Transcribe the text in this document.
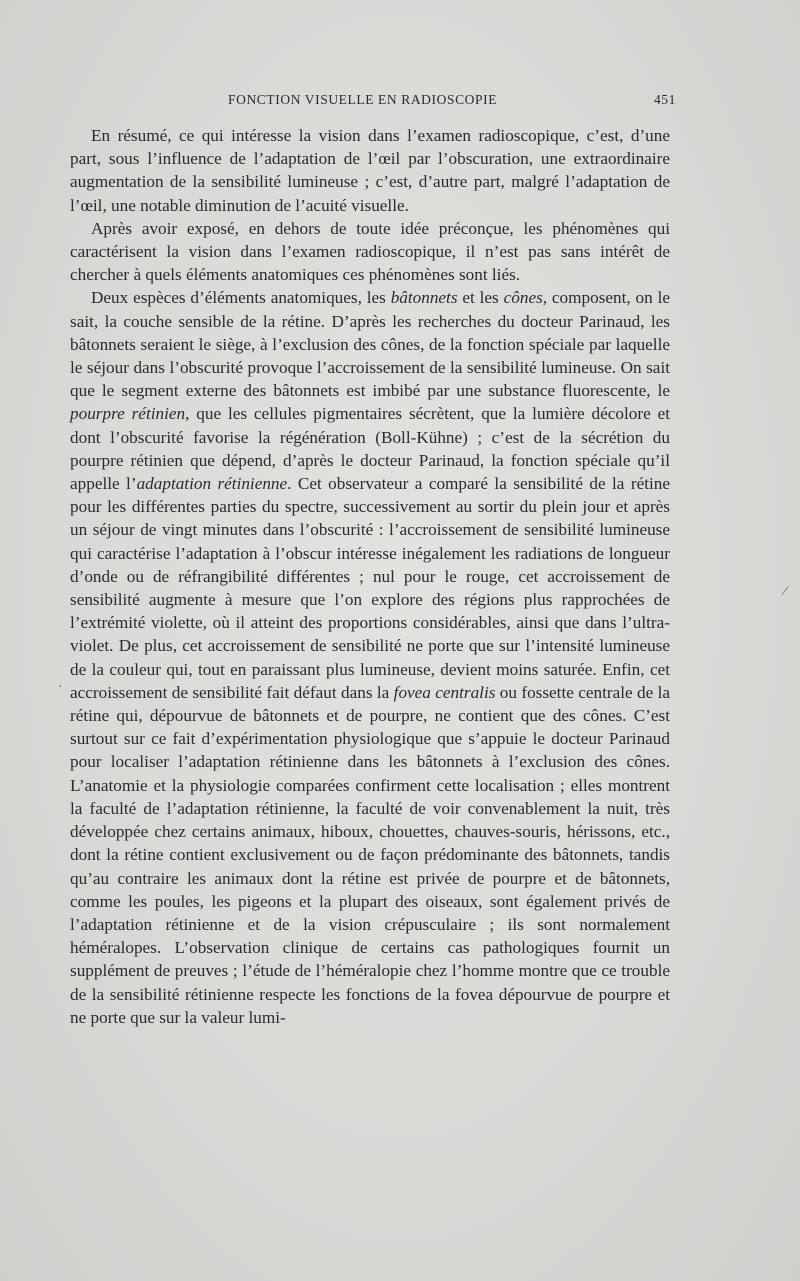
FONCTION VISUELLE EN RADIOSCOPIE	451

En résumé, ce qui intéresse la vision dans l’examen radioscopique, c’est, d’une part, sous l’influence de l’adaptation de l’œil par l’obscuration, une extraordinaire augmentation de la sensibilité lumineuse ; c’est, d’autre part, malgré l’adaptation de l’œil, une notable diminution de l’acuité visuelle.

Après avoir exposé, en dehors de toute idée préconçue, les phénomènes qui caractérisent la vision dans l’examen radioscopique, il n’est pas sans intérêt de chercher à quels éléments anatomiques ces phénomènes sont liés.

Deux espèces d’éléments anatomiques, les bâtonnets et les cônes, composent, on le sait, la couche sensible de la rétine. D’après les recherches du docteur Parinaud, les bâtonnets seraient le siège, à l’exclusion des cônes, de la fonction spéciale par laquelle le séjour dans l’obscurité provoque l’accroissement de la sensibilité lumineuse. On sait que le segment externe des bâtonnets est imbibé par une substance fluorescente, le pourpre rétinien, que les cellules pigmentaires sécrètent, que la lumière décolore et dont l’obscurité favorise la régénération (Boll-Kühne) ; c’est de la sécrétion du pourpre rétinien que dépend, d’après le docteur Parinaud, la fonction spéciale qu’il appelle l’adaptation rétinienne. Cet observateur a comparé la sensibilité de la rétine pour les différentes parties du spectre, successivement au sortir du plein jour et après un séjour de vingt minutes dans l’obscurité : l’accroissement de sensibilité lumineuse qui caractérise l’adaptation à l’obscur intéresse inégalement les radiations de longueur d’onde ou de réfrangibilité différentes ; nul pour le rouge, cet accroissement de sensibilité augmente à mesure que l’on explore des régions plus rapprochées de l’extrémité violette, où il atteint des proportions considérables, ainsi que dans l’ultra-violet. De plus, cet accroissement de sensibilité ne porte que sur l’intensité lumineuse de la couleur qui, tout en paraissant plus lumineuse, devient moins saturée. Enfin, cet accroissement de sensibilité fait défaut dans la fovea centralis ou fossette centrale de la rétine qui, dépourvue de bâtonnets et de pourpre, ne contient que des cônes. C’est surtout sur ce fait d’expérimentation physiologique que s’appuie le docteur Parinaud pour localiser l’adaptation rétinienne dans les bâtonnets à l’exclusion des cônes. L’anatomie et la physiologie comparées confirment cette localisation ; elles montrent la faculté de l’adaptation rétinienne, la faculté de voir convenablement la nuit, très développée chez certains animaux, hiboux, chouettes, chauves-souris, hérissons, etc., dont la rétine contient exclusivement ou de façon prédominante des bâtonnets, tandis qu’au contraire les animaux dont la rétine est privée de pourpre et de bâtonnets, comme les poules, les pigeons et la plupart des oiseaux, sont également privés de l’adaptation rétinienne et de la vision crépusculaire ; ils sont normalement héméralopes. L’observation clinique de certains cas pathologiques fournit un supplément de preuves ; l’étude de l’héméralopie chez l’homme montre que ce trouble de la sensibilité rétinienne respecte les fonctions de la fovea dépourvue de pourpre et ne porte que sur la valeur lumi-

⁄
·
